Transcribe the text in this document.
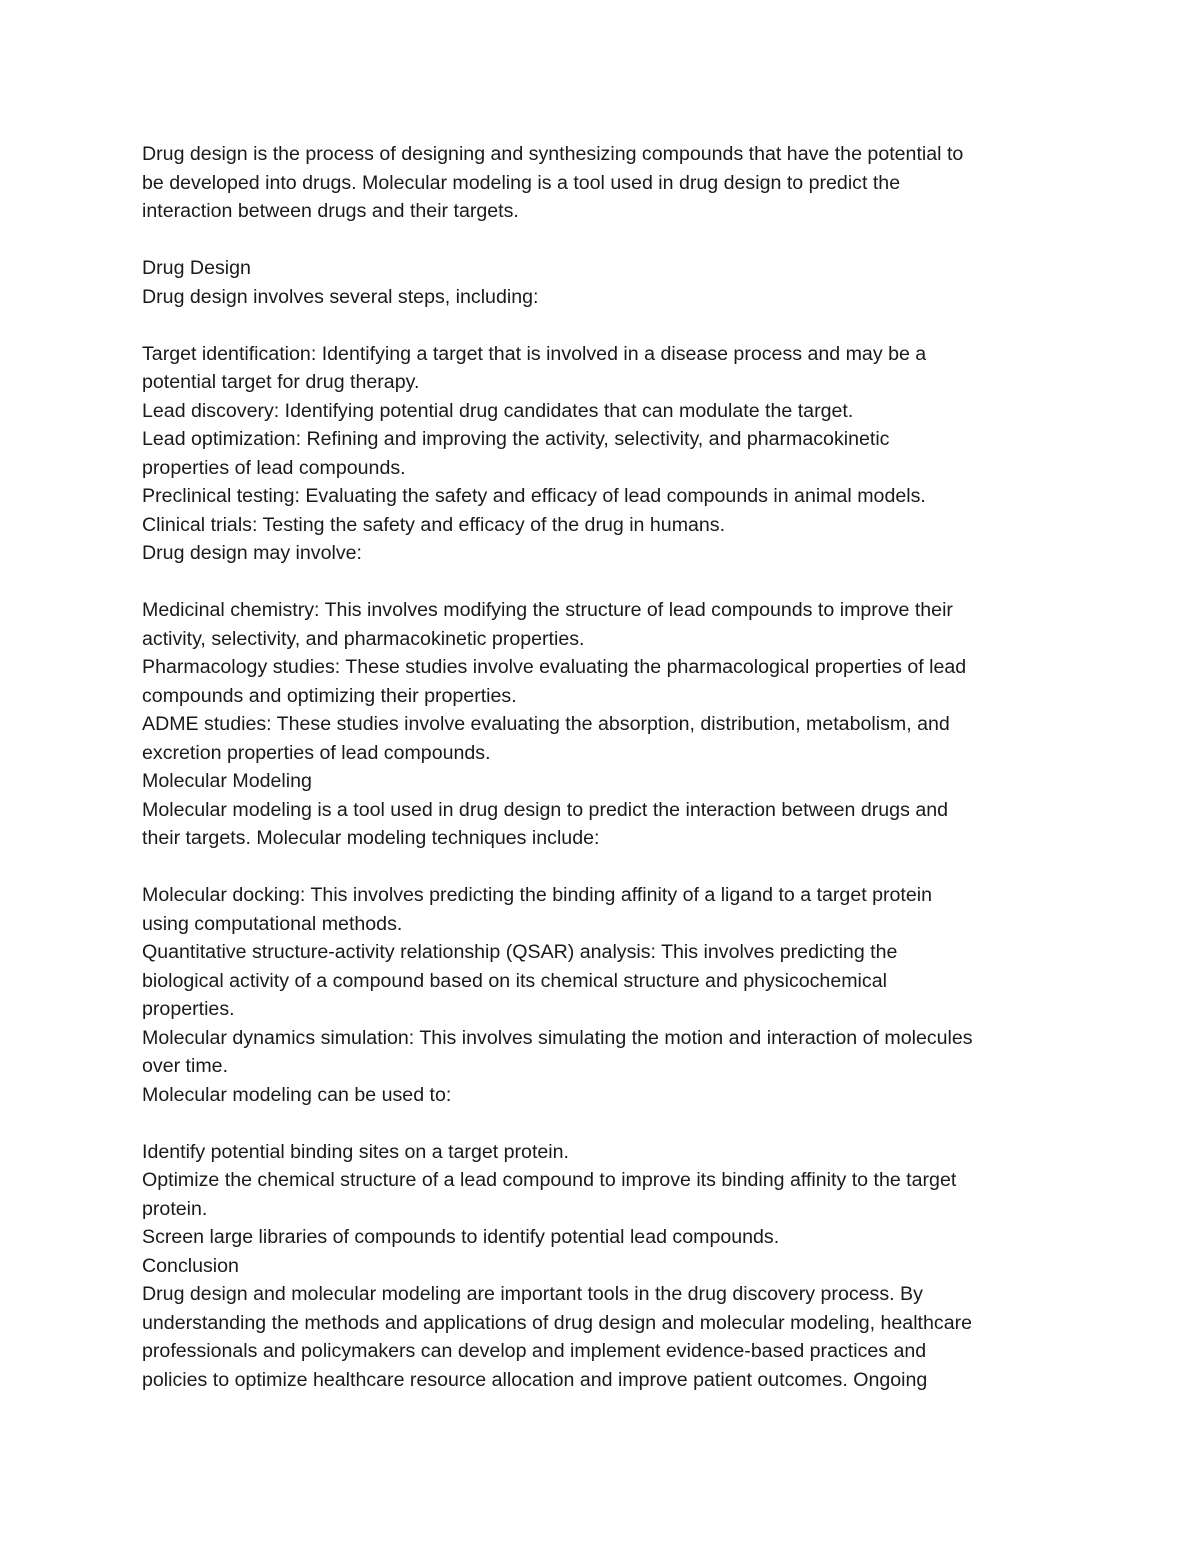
Drug design is the process of designing and synthesizing compounds that have the potential to
be developed into drugs. Molecular modeling is a tool used in drug design to predict the
interaction between drugs and their targets.
Drug Design
Drug design involves several steps, including:
Target identification: Identifying a target that is involved in a disease process and may be a
potential target for drug therapy.
Lead discovery: Identifying potential drug candidates that can modulate the target.
Lead optimization: Refining and improving the activity, selectivity, and pharmacokinetic
properties of lead compounds.
Preclinical testing: Evaluating the safety and efficacy of lead compounds in animal models.
Clinical trials: Testing the safety and efficacy of the drug in humans.
Drug design may involve:
Medicinal chemistry: This involves modifying the structure of lead compounds to improve their
activity, selectivity, and pharmacokinetic properties.
Pharmacology studies: These studies involve evaluating the pharmacological properties of lead
compounds and optimizing their properties.
ADME studies: These studies involve evaluating the absorption, distribution, metabolism, and
excretion properties of lead compounds.
Molecular Modeling
Molecular modeling is a tool used in drug design to predict the interaction between drugs and
their targets. Molecular modeling techniques include:
Molecular docking: This involves predicting the binding affinity of a ligand to a target protein
using computational methods.
Quantitative structure-activity relationship (QSAR) analysis: This involves predicting the
biological activity of a compound based on its chemical structure and physicochemical
properties.
Molecular dynamics simulation: This involves simulating the motion and interaction of molecules
over time.
Molecular modeling can be used to:
Identify potential binding sites on a target protein.
Optimize the chemical structure of a lead compound to improve its binding affinity to the target
protein.
Screen large libraries of compounds to identify potential lead compounds.
Conclusion
Drug design and molecular modeling are important tools in the drug discovery process. By
understanding the methods and applications of drug design and molecular modeling, healthcare
professionals and policymakers can develop and implement evidence-based practices and
policies to optimize healthcare resource allocation and improve patient outcomes. Ongoing
